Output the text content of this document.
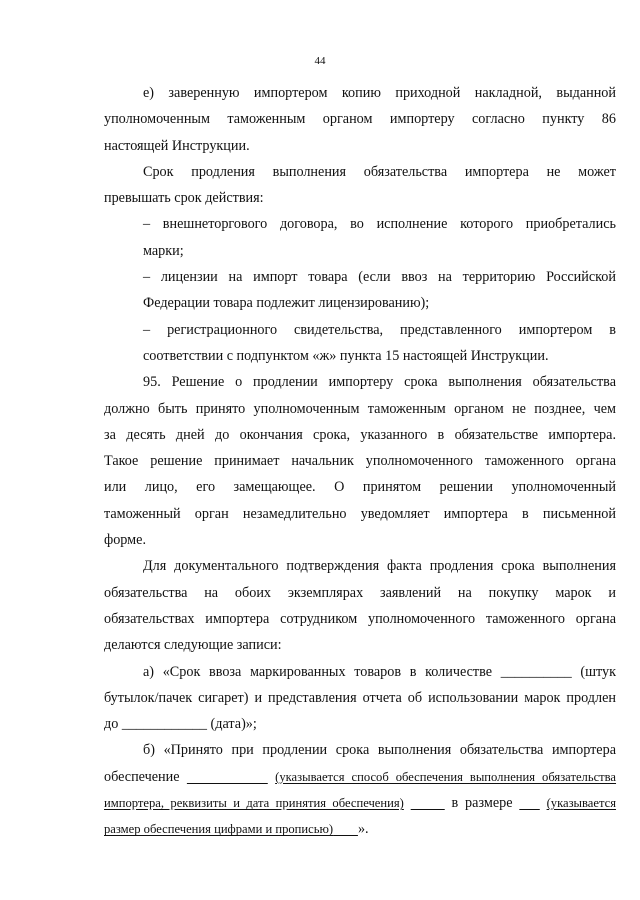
44

е) заверенную импортером копию приходной накладной, выданной
уполномоченным таможенным органом импортеру согласно пункту 86
настоящей Инструкции.

Срок продления выполнения обязательства импортера не может
превышать срок действия:

– внешнеторгового договора, во исполнение которого приобретались
марки;

– лицензии на импорт товара (если ввоз на территорию Российской
Федерации товара подлежит лицензированию);

– регистрационного свидетельства, представленного импортером в
соответствии с подпунктом «ж» пункта 15 настоящей Инструкции.

95. Решение о продлении импортеру срока выполнения обязательства
должно быть принято уполномоченным таможенным органом не позднее, чем
за десять дней до окончания срока, указанного в обязательстве импортера.
Такое решение принимает начальник уполномоченного таможенного органа
или лицо, его замещающее. О принятом решении уполномоченный
таможенный орган незамедлительно уведомляет импортера в письменной
форме.

Для документального подтверждения факта продления срока выполнения
обязательства на обоих экземплярах заявлений на покупку марок и
обязательствах импортера сотрудником уполномоченного таможенного органа
делаются следующие записи:

а) «Срок ввоза маркированных товаров в количестве __________ (штук
бутылок/пачек сигарет) и представления отчета об использовании марок продлен
до ____________ (дата)»;

б) «Принято при продлении срока выполнения обязательства импортера
обеспечение	(указывается способ обеспечения выполнения обязательства
импортера, реквизиты и дата принятия обеспечения)	в размере	(указывается
размер обеспечения цифрами и прописью) ».
